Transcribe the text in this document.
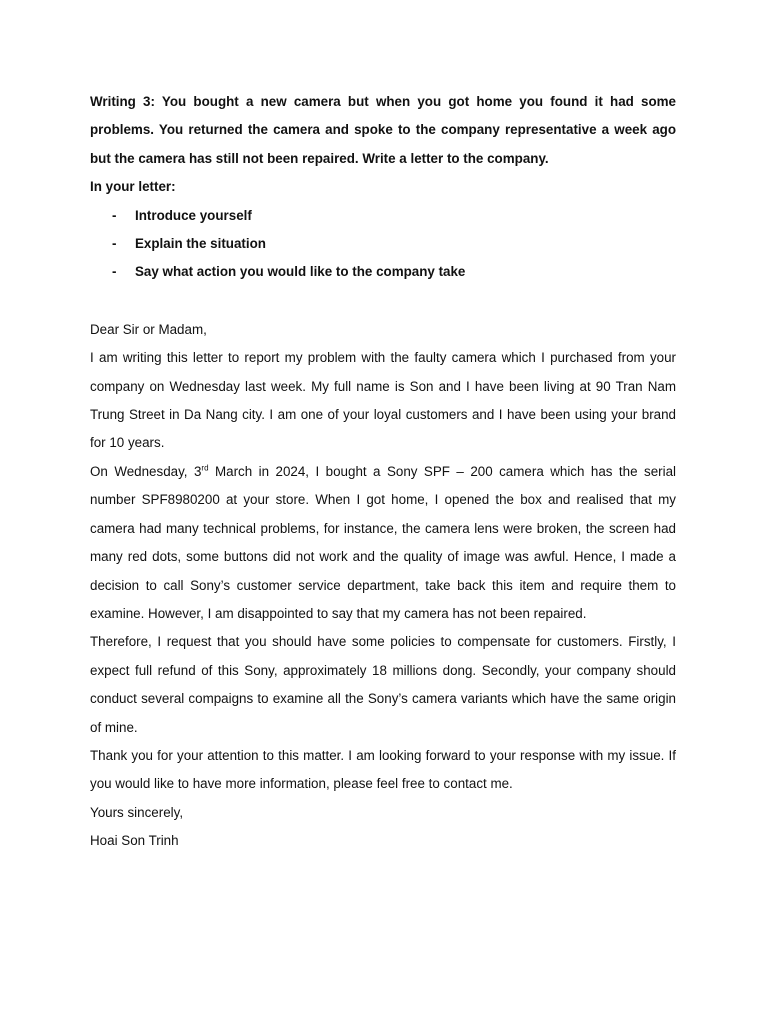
Writing 3: You bought a new camera but when you got home you found it had some problems. You returned the camera and spoke to the company representative a week ago but the camera has still not been repaired. Write a letter to the company.

In your letter:

- Introduce yourself
- Explain the situation
- Say what action you would like to the company take

Dear Sir or Madam,

I am writing this letter to report my problem with the faulty camera which I purchased from your company on Wednesday last week. My full name is Son and I have been living at 90 Tran Nam Trung Street in Da Nang city. I am one of your loyal customers and I have been using your brand for 10 years.

On Wednesday, 3rd March in 2024, I bought a Sony SPF – 200 camera which has the serial number SPF8980200 at your store. When I got home, I opened the box and realised that my camera had many technical problems, for instance, the camera lens were broken, the screen had many red dots, some buttons did not work and the quality of image was awful. Hence, I made a decision to call Sony’s customer service department, take back this item and require them to examine. However, I am disappointed to say that my camera has not been repaired.

Therefore, I request that you should have some policies to compensate for customers. Firstly, I expect full refund of this Sony, approximately 18 millions dong. Secondly, your company should conduct several compaigns to examine all the Sony’s camera variants which have the same origin of mine.

Thank you for your attention to this matter. I am looking forward to your response with my issue. If you would like to have more information, please feel free to contact me.

Yours sincerely,

Hoai Son Trinh
